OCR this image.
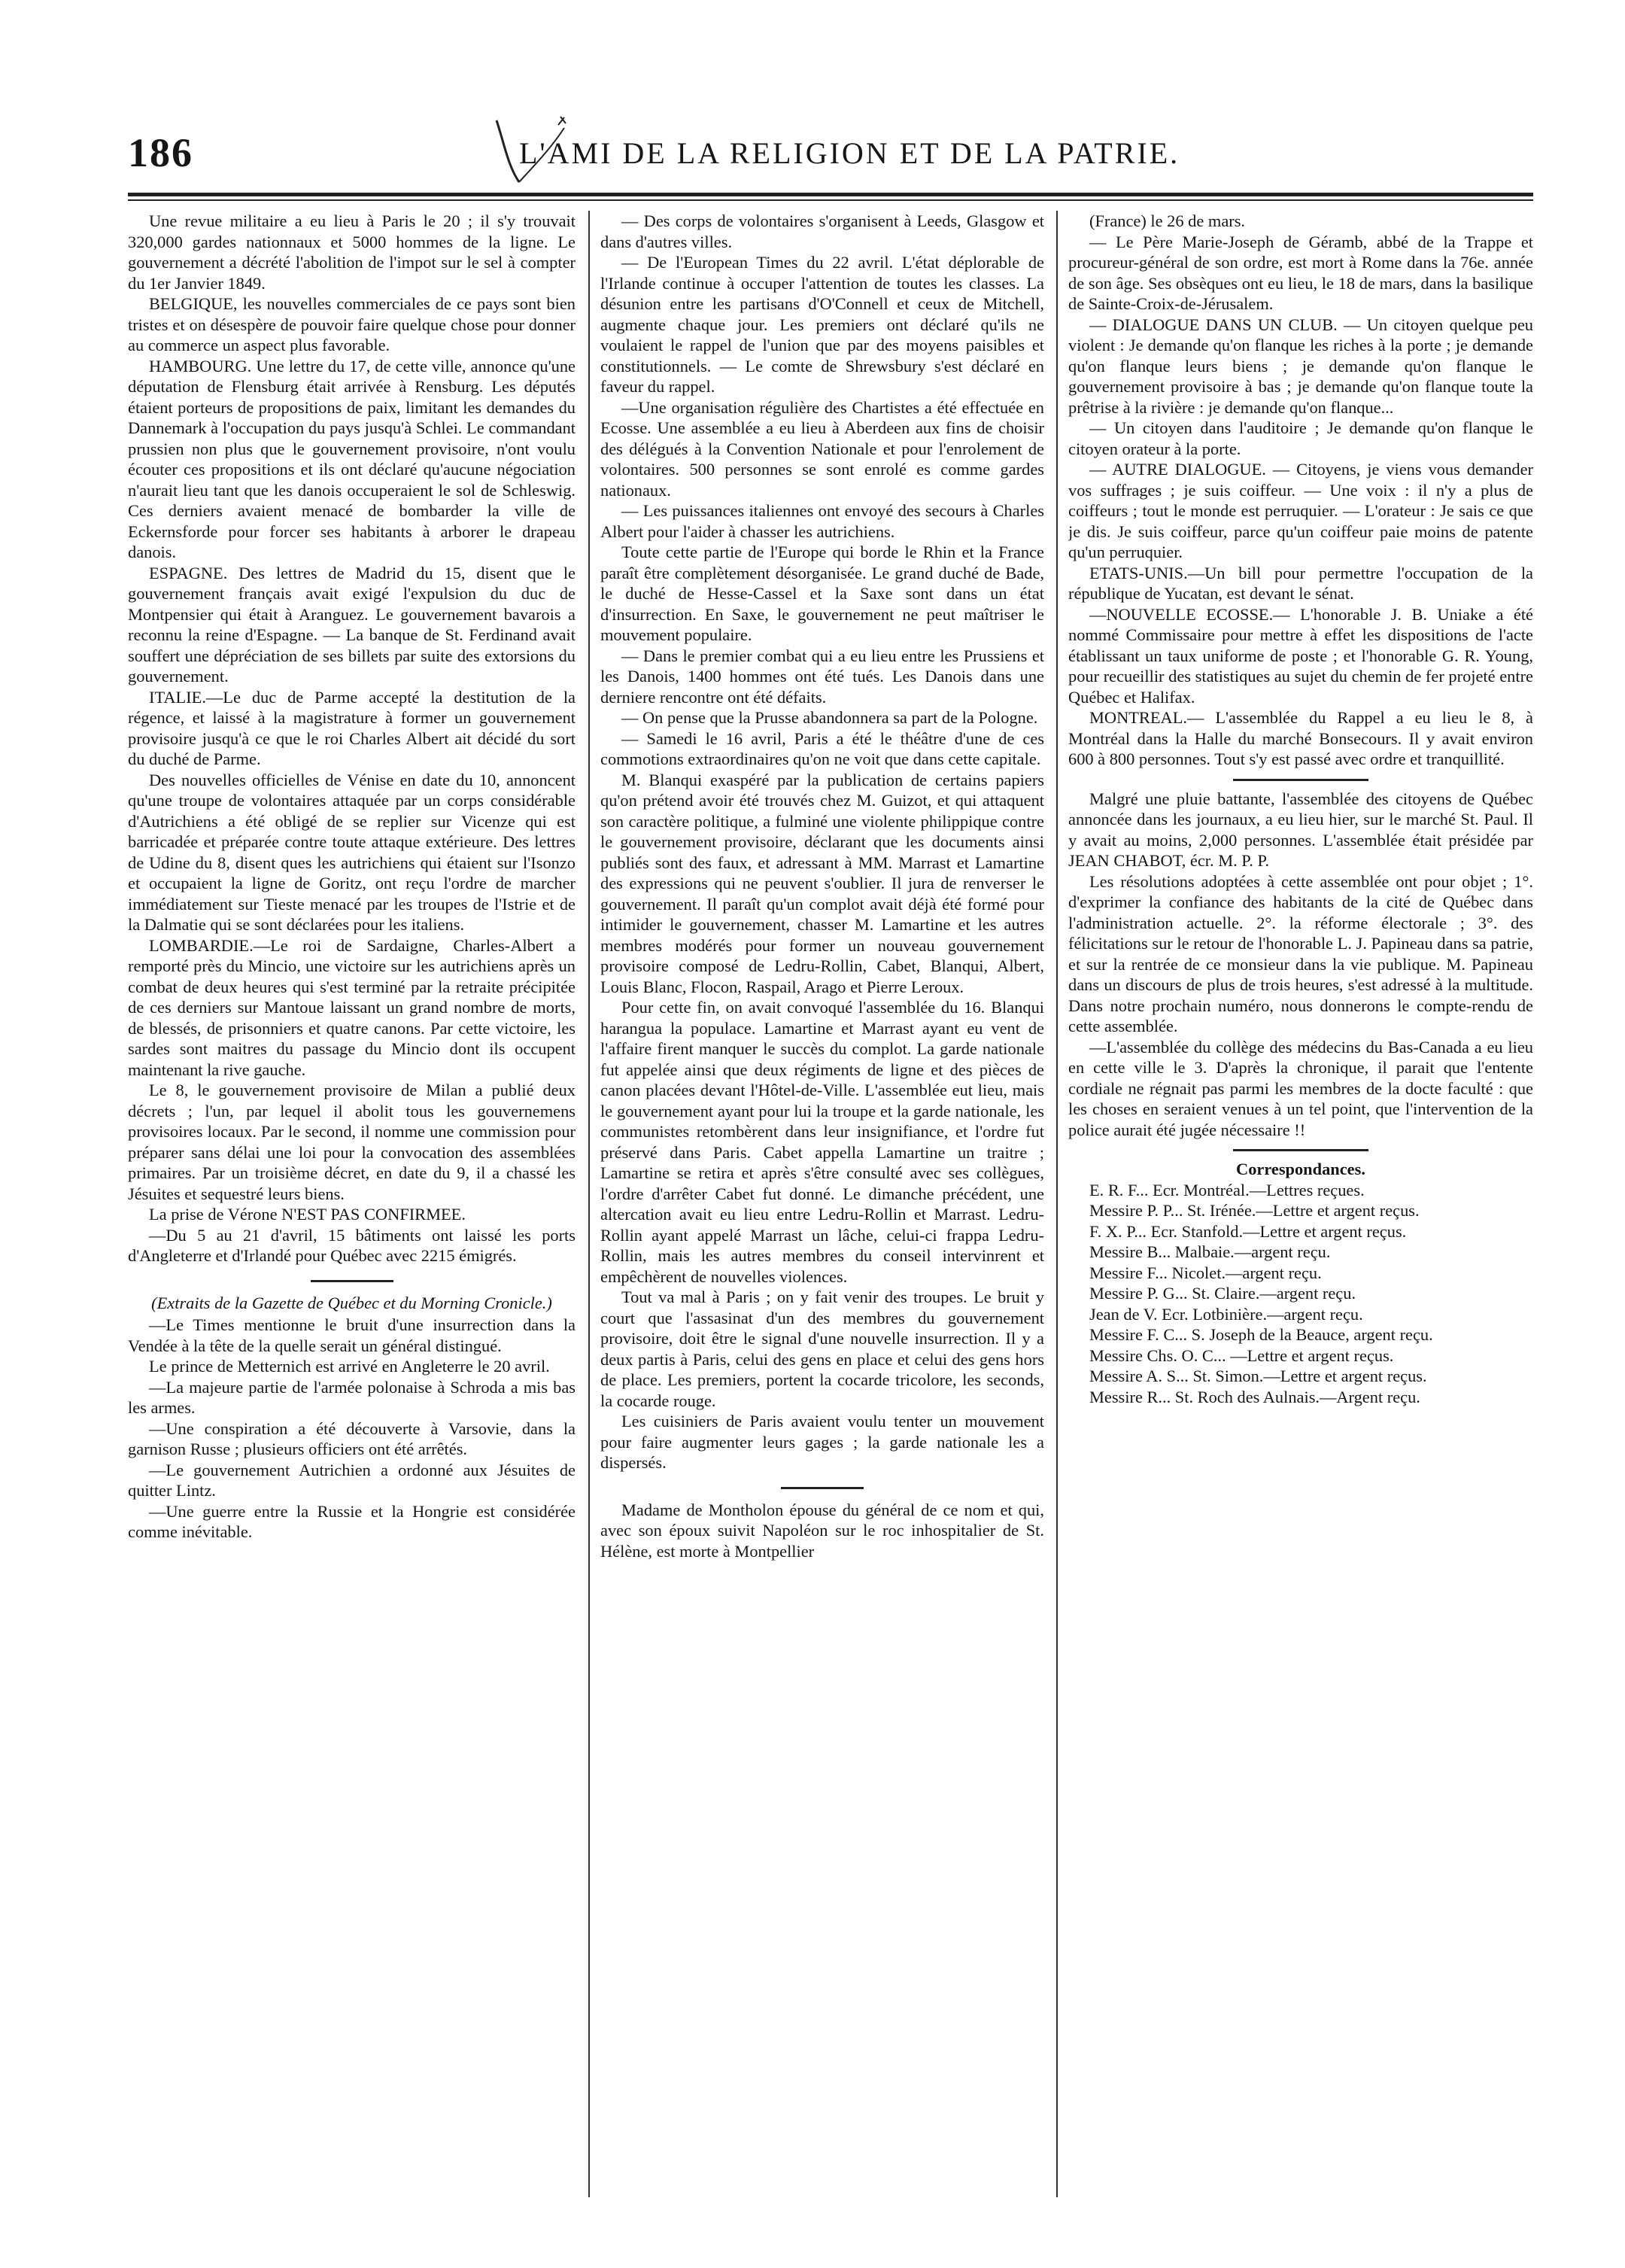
186	L'AMI DE LA RELIGION ET DE LA PATRIE.

Une revue militaire a eu lieu à Paris le 20 ; il s'y trouvait 320,000 gardes nationnaux et 5000 hommes de la ligne. Le gouvernement a décrété l'abolition de l'impot sur le sel à compter du 1er Janvier 1849.

BELGIQUE, les nouvelles commerciales de ce pays sont bien tristes et on désespère de pouvoir faire quelque chose pour donner au commerce un aspect plus favorable.

HAMBOURG. Une lettre du 17, de cette ville, annonce qu'une députation de Flensburg était arrivée à Rensburg. Les députés étaient porteurs de propositions de paix, limitant les demandes du Dannemark à l'occupation du pays jusqu'à Schlei. Le commandant prussien non plus que le gouvernement provisoire, n'ont voulu écouter ces propositions et ils ont déclaré qu'aucune négociation n'aurait lieu tant que les danois occuperaient le sol de Schleswig. Ces derniers avaient menacé de bombarder la ville de Eckernsforde pour forcer ses habitants à arborer le drapeau danois.

ESPAGNE. Des lettres de Madrid du 15, disent que le gouvernement français avait exigé l'expulsion du duc de Montpensier qui était à Aranguez. Le gouvernement bavarois a reconnu la reine d'Espagne. — La banque de St. Ferdinand avait souffert une dépréciation de ses billets par suite des extorsions du gouvernement.

ITALIE.—Le duc de Parme accepté la destitution de la régence, et laissé à la magistrature à former un gouvernement provisoire jusqu'à ce que le roi Charles Albert ait décidé du sort du duché de Parme.

Des nouvelles officielles de Vénise en date du 10, annoncent qu'une troupe de volontaires attaquée par un corps considérable d'Autrichiens a été obligé de se replier sur Vicenze qui est barricadée et préparée contre toute attaque extérieure. Des lettres de Udine du 8, disent ques les autrichiens qui étaient sur l'Isonzo et occupaient la ligne de Goritz, ont reçu l'ordre de marcher immédiatement sur Tieste menacé par les troupes de l'Istrie et de la Dalmatie qui se sont déclarées pour les italiens.

LOMBARDIE.—Le roi de Sardaigne, Charles-Albert a remporté près du Mincio, une victoire sur les autrichiens après un combat de deux heures qui s'est terminé par la retraite précipitée de ces derniers sur Mantoue laissant un grand nombre de morts, de blessés, de prisonniers et quatre canons. Par cette victoire, les sardes sont maitres du passage du Mincio dont ils occupent maintenant la rive gauche.

Le 8, le gouvernement provisoire de Milan a publié deux décrets ; l'un, par lequel il abolit tous les gouvernemens provisoires locaux. Par le second, il nomme une commission pour préparer sans délai une loi pour la convocation des assemblées primaires. Par un troisième décret, en date du 9, il a chassé les Jésuites et sequestré leurs biens.

La prise de Vérone N'EST PAS CONFIRMEE.

—Du 5 au 21 d'avril, 15 bâtiments ont laissé les ports d'Angleterre et d'Irlandé pour Québec avec 2215 émigrés.

(Extraits de la Gazette de Québec et du Morning Cronicle.)

—Le Times mentionne le bruit d'une insurrection dans la Vendée à la tête de la quelle serait un général distingué.

Le prince de Metternich est arrivé en Angleterre le 20 avril.

—La majeure partie de l'armée polonaise à Schroda a mis bas les armes.

—Une conspiration a été découverte à Varsovie, dans la garnison Russe ; plusieurs officiers ont été arrêtés.

—Le gouvernement Autrichien a ordonné aux Jésuites de quitter Lintz.

—Une guerre entre la Russie et la Hongrie est considérée comme inévitable.

— Des corps de volontaires s'organisent à Leeds, Glasgow et dans d'autres villes.

— De l'European Times du 22 avril. L'état déplorable de l'Irlande continue à occuper l'attention de toutes les classes. La désunion entre les partisans d'O'Connell et ceux de Mitchell, augmente chaque jour. Les premiers ont déclaré qu'ils ne voulaient le rappel de l'union que par des moyens paisibles et constitutionnels. — Le comte de Shrewsbury s'est déclaré en faveur du rappel.

—Une organisation régulière des Chartistes a été effectuée en Ecosse. Une assemblée a eu lieu à Aberdeen aux fins de choisir des délégués à la Convention Nationale et pour l'enrolement de volontaires. 500 personnes se sont enrolé es comme gardes nationaux.

— Les puissances italiennes ont envoyé des secours à Charles Albert pour l'aider à chasser les autrichiens.

Toute cette partie de l'Europe qui borde le Rhin et la France paraît être complètement désorganisée. Le grand duché de Bade, le duché de Hesse-Cassel et la Saxe sont dans un état d'insurrection. En Saxe, le gouvernement ne peut maîtriser le mouvement populaire.

— Dans le premier combat qui a eu lieu entre les Prussiens et les Danois, 1400 hommes ont été tués. Les Danois dans une derniere rencontre ont été défaits.

— On pense que la Prusse abandonnera sa part de la Pologne.

— Samedi le 16 avril, Paris a été le théâtre d'une de ces commotions extraordinaires qu'on ne voit que dans cette capitale.

M. Blanqui exaspéré par la publication de certains papiers qu'on prétend avoir été trouvés chez M. Guizot, et qui attaquent son caractère politique, a fulminé une violente philippique contre le gouvernement provisoire, déclarant que les documents ainsi publiés sont des faux, et adressant à MM. Marrast et Lamartine des expressions qui ne peuvent s'oublier. Il jura de renverser le gouvernement. Il paraît qu'un complot avait déjà été formé pour intimider le gouvernement, chasser M. Lamartine et les autres membres modérés pour former un nouveau gouvernement provisoire composé de Ledru-Rollin, Cabet, Blanqui, Albert, Louis Blanc, Flocon, Raspail, Arago et Pierre Leroux.

Pour cette fin, on avait convoqué l'assemblée du 16. Blanqui harangua la populace. Lamartine et Marrast ayant eu vent de l'affaire firent manquer le succès du complot. La garde nationale fut appelée ainsi que deux régiments de ligne et des pièces de canon placées devant l'Hôtel-de-Ville. L'assemblée eut lieu, mais le gouvernement ayant pour lui la troupe et la garde nationale, les communistes retombèrent dans leur insignifiance, et l'ordre fut préservé dans Paris. Cabet appella Lamartine un traitre ; Lamartine se retira et après s'être consulté avec ses collègues, l'ordre d'arrêter Cabet fut donné. Le dimanche précédent, une altercation avait eu lieu entre Ledru-Rollin et Marrast. Ledru-Rollin ayant appelé Marrast un lâche, celui-ci frappa Ledru-Rollin, mais les autres membres du conseil intervinrent et empêchèrent de nouvelles violences.

Tout va mal à Paris ; on y fait venir des troupes. Le bruit y court que l'assasinat d'un des membres du gouvernement provisoire, doit être le signal d'une nouvelle insurrection. Il y a deux partis à Paris, celui des gens en place et celui des gens hors de place. Les premiers, portent la cocarde tricolore, les seconds, la cocarde rouge.

Les cuisiniers de Paris avaient voulu tenter un mouvement pour faire augmenter leurs gages ; la garde nationale les a dispersés.

Madame de Montholon épouse du général de ce nom et qui, avec son époux suivit Napoléon sur le roc inhospitalier de St. Hélène, est morte à Montpellier

(France) le 26 de mars.

— Le Père Marie-Joseph de Géramb, abbé de la Trappe et procureur-général de son ordre, est mort à Rome dans la 76e. année de son âge. Ses obsèques ont eu lieu, le 18 de mars, dans la basilique de Sainte-Croix-de-Jérusalem.

— DIALOGUE DANS UN CLUB. — Un citoyen quelque peu violent : Je demande qu'on flanque les riches à la porte ; je demande qu'on flanque leurs biens ; je demande qu'on flanque le gouvernement provisoire à bas ; je demande qu'on flanque toute la prêtrise à la rivière : je demande qu'on flanque...

— Un citoyen dans l'auditoire ; Je demande qu'on flanque le citoyen orateur à la porte.

— AUTRE DIALOGUE. — Citoyens, je viens vous demander vos suffrages ; je suis coiffeur. — Une voix : il n'y a plus de coiffeurs ; tout le monde est perruquier. — L'orateur : Je sais ce que je dis. Je suis coiffeur, parce qu'un coiffeur paie moins de patente qu'un perruquier.

ETATS-UNIS.—Un bill pour permettre l'occupation de la république de Yucatan, est devant le sénat.

—NOUVELLE ECOSSE.— L'honorable J. B. Uniake a été nommé Commissaire pour mettre à effet les dispositions de l'acte établissant un taux uniforme de poste ; et l'honorable G. R. Young, pour recueillir des statistiques au sujet du chemin de fer projeté entre Québec et Halifax.

MONTREAL.— L'assemblée du Rappel a eu lieu le 8, à Montréal dans la Halle du marché Bonsecours. Il y avait environ 600 à 800 personnes. Tout s'y est passé avec ordre et tranquillité.

Malgré une pluie battante, l'assemblée des citoyens de Québec annoncée dans les journaux, a eu lieu hier, sur le marché St. Paul. Il y avait au moins, 2,000 personnes. L'assemblée était présidée par JEAN CHABOT, écr. M. P. P.

Les résolutions adoptées à cette assemblée ont pour objet ; 1°. d'exprimer la confiance des habitants de la cité de Québec dans l'administration actuelle. 2°. la réforme électorale ; 3°. des félicitations sur le retour de l'honorable L. J. Papineau dans sa patrie, et sur la rentrée de ce monsieur dans la vie publique. M. Papineau dans un discours de plus de trois heures, s'est adressé à la multitude. Dans notre prochain numéro, nous donnerons le compte-rendu de cette assemblée.

—L'assemblée du collège des médecins du Bas-Canada a eu lieu en cette ville le 3. D'après la chronique, il parait que l'entente cordiale ne régnait pas parmi les membres de la docte faculté : que les choses en seraient venues à un tel point, que l'intervention de la police aurait été jugée nécessaire !!

Correspondances.

E. R. F... Ecr. Montréal.—Lettres reçues.

Messire P. P... St. Irénée.—Lettre et argent reçus.

F. X. P... Ecr. Stanfold.—Lettre et argent reçus.

Messire B... Malbaie.—argent reçu.

Messire F... Nicolet.—argent reçu.

Messire P. G... St. Claire.—argent reçu.

Jean de V. Ecr. Lotbinière.—argent reçu.

Messire F. C... S. Joseph de la Beauce, argent reçu.

Messire Chs. O. C... —Lettre et argent reçus.

Messire A. S... St. Simon.—Lettre et argent reçus.

Messire R... St. Roch des Aulnais.—Argent reçu.
